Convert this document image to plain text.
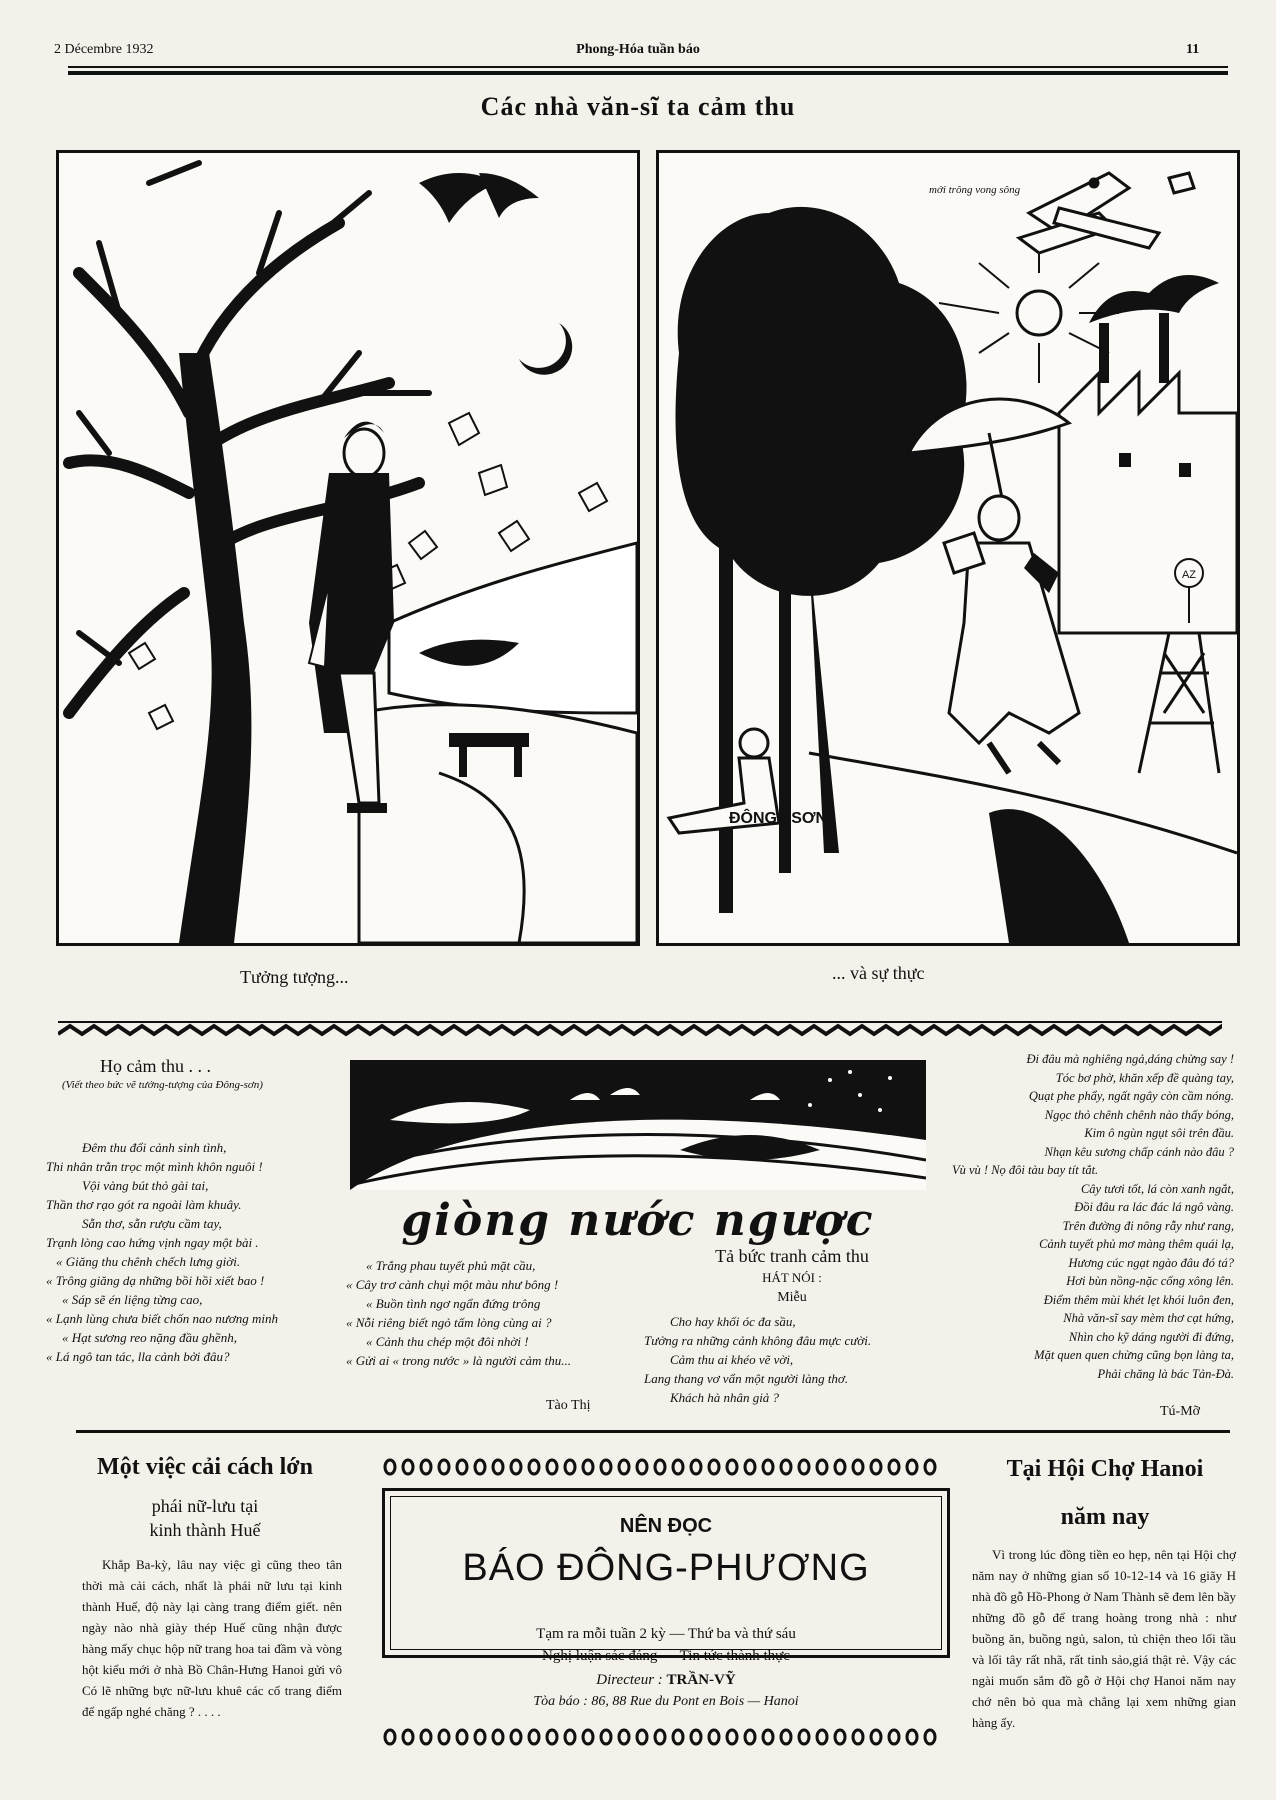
2 Décembre 1932	Phong-Hóa tuần báo	11
Các nhà văn-sĩ ta cảm thu
mới trông vong sông
AZ
ĐÔNG - SƠN
Tưởng tượng...	... và sự thực
Họ cảm thu . . .
(Viết theo bức vẽ tưởng-tượng của Đông-sơn)

Đêm thu đổi cảnh sinh tình,

Thi nhân trằn trọc một mình khôn nguôi !

Vội vàng bút thỏ gài tai,

Thần thơ rạo gót ra ngoài làm khuây.

Sẵn thơ, sẵn rượu cầm tay,

Trạnh lòng cao hứng vịnh ngay một bài .

« Giăng thu chênh chếch lưng giời.

« Trông giăng dạ những bồi hồi xiết bao !

« Sáp sẽ én liệng từng cao,

« Lạnh lùng chưa biết chốn nao nương minh

« Hạt sương reo nặng đầu ghềnh,

« Lá ngô tan tác, lla cảnh bởi đâu?

giòng nước ngược

« Trắng phau tuyết phủ mặt cầu,

« Cây trơ cành chụi một màu như bông !

« Buồn tình ngơ ngẩn đứng trông

« Nỗi riêng biết ngỏ tấm lòng cùng ai ?

« Cảnh thu chép một đôi nhời !

« Gửi ai « trong nước » là người cảm thu...

Tào Thị
Tả bức tranh cảm thu
HÁT NÓI :
Miễu

Cho hay khối óc đa sầu,

Tưởng ra những cảnh không đâu mực cười.

Cảm thu ai khéo vẽ vời,

Lang thang vơ vẩn một người làng thơ.

Khách hà nhân giả ?

Đi đâu mà nghiêng ngả,dáng chừng say !

Tóc bơ phờ, khăn xếp đề quàng tay,

Quạt phe phẩy, ngất ngây còn cầm nóng.

Ngọc thỏ chênh chênh nào thấy bóng,

Kim ô ngùn ngụt sôi trên đầu.

Nhạn kêu sương chấp cánh nào đâu ?

Vù vù ! Nọ đôi tàu bay tít tắt.

Cây tươi tốt, lá còn xanh ngắt,

Đồi đâu ra lác đác lá ngô vàng.

Trên đường đi nông rẫy như rang,

Cảnh tuyết phủ mơ màng thêm quái lạ,

Hương cúc ngạt ngào đâu đó tá?

Hơi bùn nồng-nặc cống xông lên.

Điểm thêm mùi khét lẹt khói luôn đen,

Nhà văn-sĩ say mèm thơ cạt hứng,

Nhìn cho kỹ dáng người đi đứng,

Mặt quen quen chừng cũng bọn làng ta,

Phải chăng là bác Tản-Đà.

Tú-Mỡ
Một việc cải cách lớn
phái nữ-lưu tại
kinh thành Huế
Khắp Ba-kỳ, lâu nay việc gì cũng theo tân thời mà cải cách, nhất là phái nữ lưu tại kinh thành Huế, độ này lại càng trang điểm giết. nên ngày nào nhà giày thép Huế cũng nhận được hàng mấy chục hộp nữ trang hoa tai đầm và vòng hột kiểu mới ở nhà Bồ Chân-Hưng Hanoi gửi vô Có lẽ những bực nữ-lưu khuê các cố trang điểm để ngấp nghé chăng ? . . . .
NÊN ĐỌC
BÁO ĐÔNG-PHƯƠNG
Tạm ra mỗi tuần 2 kỳ — Thứ ba và thứ sáu
Nghị luận sác đáng — Tin tức thành thực
Directeur : TRẦN-VỸ
Tòa báo : 86, 88 Rue du Pont en Bois — Hanoi
Tại Hội Chợ Hanoi
năm nay
Vì trong lúc đồng tiền eo hẹp, nên tại Hội chợ năm nay ở những gian số 10-12-14 và 16 giãy H nhà đồ gỗ Hồ-Phong ở Nam Thành sẽ đem lên bầy những đồ gỗ để trang hoàng trong nhà : như buồng ăn, buồng ngủ, salon, tủ chiện theo lối tầu và lối tây rất nhã, rất tinh sảo,giá thật rẻ. Vậy các ngài muốn sắm đồ gỗ ở Hội chợ Hanoi năm nay chớ nên bỏ qua mà chẳng lại xem những gian hàng ấy.
